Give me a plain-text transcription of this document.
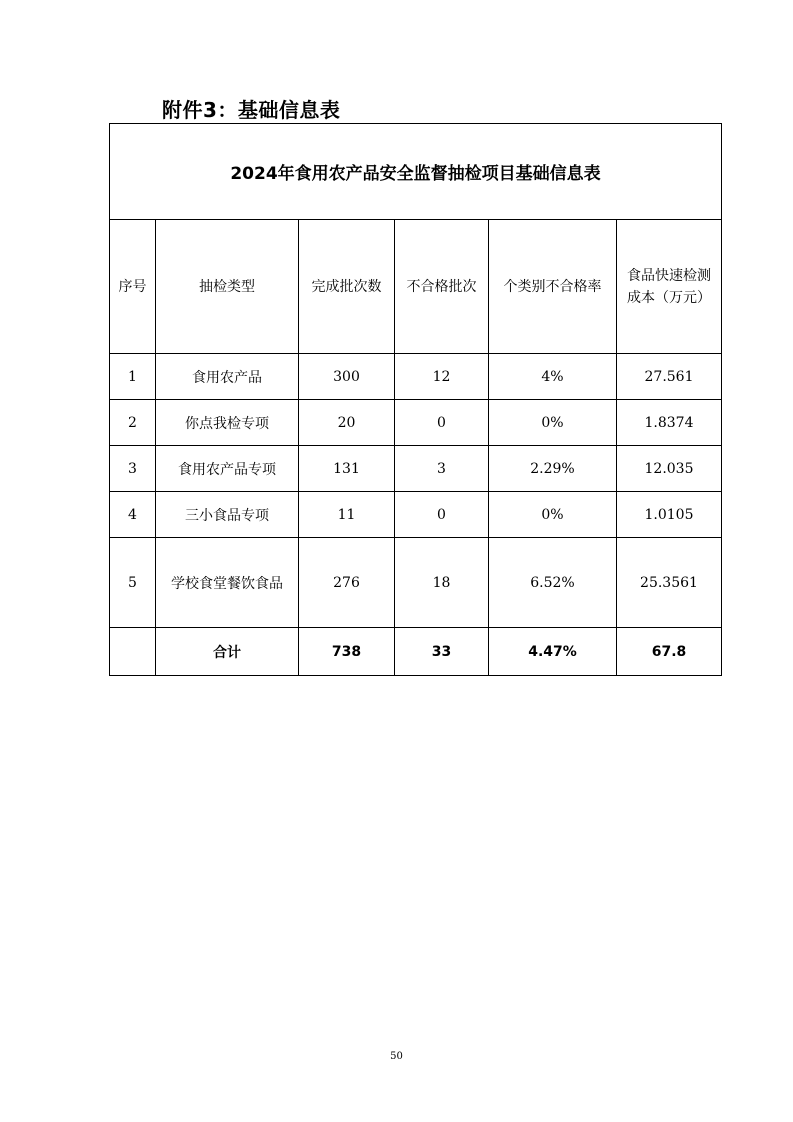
附件3：基础信息表
2024年食用农产品安全监督抽检项目基础信息表					
序号	抽检类型	完成批次数	不合格批次	个类别不合格率	食品快速检测成本（万元）
1	食用农产品	300	12	4%	27.561
2	你点我检专项	20	0	0%	1.8374
3	食用农产品专项	131	3	2.29%	12.035
4	三小食品专项	11	0	0%	1.0105
5	学校食堂餐饮食品	276	18	6.52%	25.3561
	合计	738	33	4.47%	67.8
50
